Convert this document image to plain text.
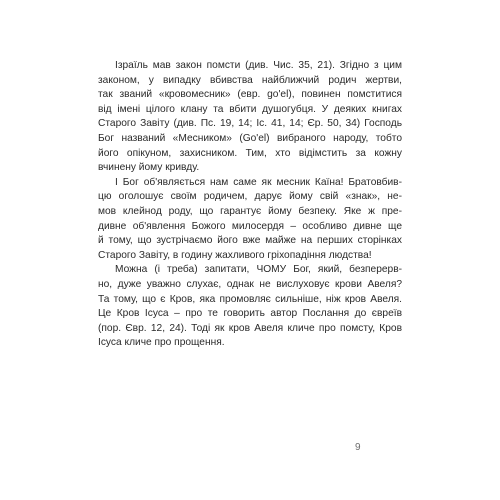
Ізраїль мав закон помсти (див. Чис. 35, 21). Згідно з цим
законом, у випадку вбивства найближчий родич жертви,
так званий «кровомесник» (евр. go'el), повинен помститися
від імені цілого клану та вбити душогубця. У деяких книгах
Старого Завіту (див. Пс. 19, 14; Іс. 41, 14; Єр. 50, 34) Господь
Бог названий «Месником» (Go'el) вибраного народу, тобто
його опікуном, захисником. Тим, хто відімстить за кожну
вчинену йому кривду.

І Бог об'являється нам саме як месник Каїна! Братовбив-
цю оголошує своїм родичем, дарує йому свій «знак», не-
мов клейнод роду, що гарантує йому безпеку. Яке ж пре-
дивне об'явлення Божого милосердя – особливо дивне ще
й тому, що зустрічаємо його вже майже на перших сторінках
Старого Завіту, в годину жахливого гріхопадіння людства!

Можна (і треба) запитати, ЧОМУ Бог, який, безперерв-
но, дуже уважно слухає, однак не вислуховує крови Авеля?
Та тому, що є Кров, яка промовляє сильніше, ніж кров Авеля.
Це Кров Ісуса – про те говорить автор Послання до євреїв
(пор. Євр. 12, 24). Тоді як кров Авеля кличе про помсту, Кров
Ісуса кличе про прощення.

9
